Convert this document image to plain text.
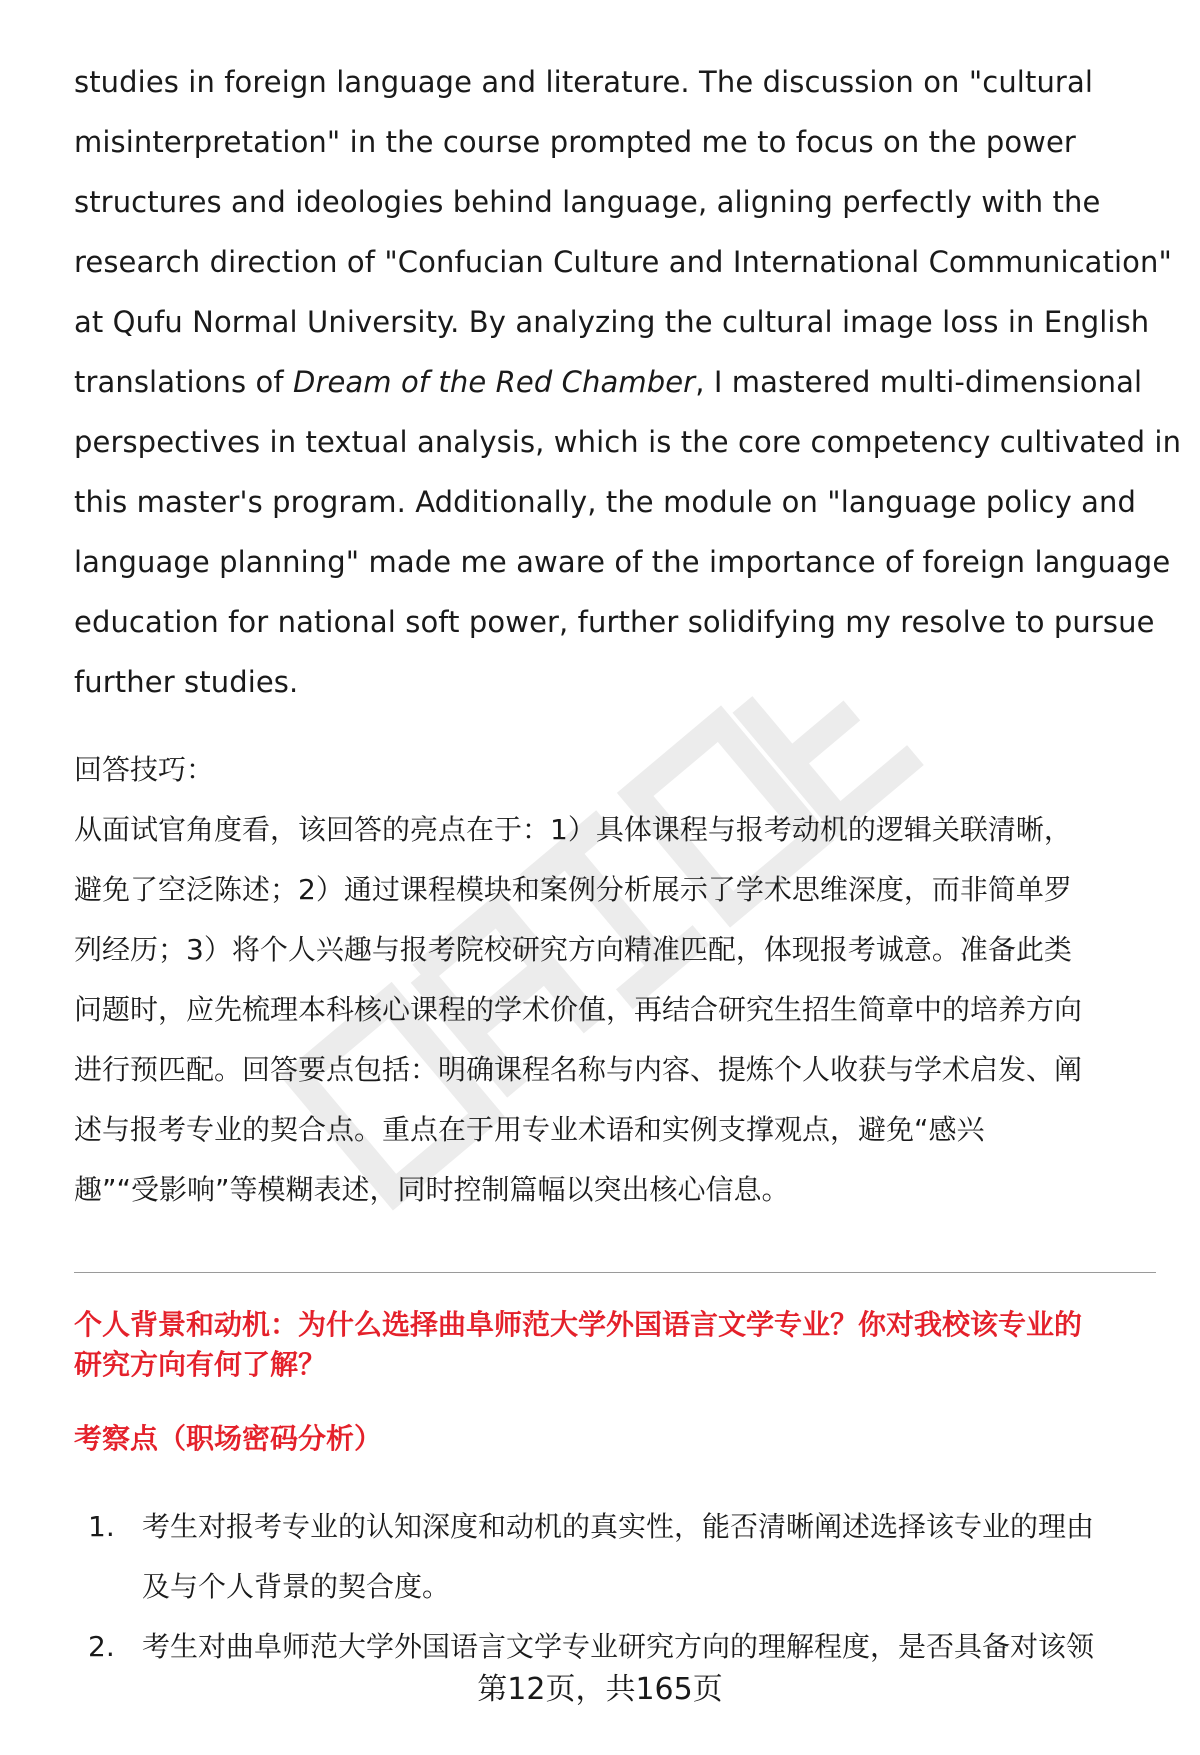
studies in foreign language and literature. The discussion on "cultural
misinterpretation" in the course prompted me to focus on the power
structures and ideologies behind language, aligning perfectly with the
research direction of "Confucian Culture and International Communication"
at Qufu Normal University. By analyzing the cultural image loss in English
translations of Dream of the Red Chamber, I mastered multi-dimensional
perspectives in textual analysis, which is the core competency cultivated in
this master's program. Additionally, the module on "language policy and
language planning" made me aware of the importance of foreign language
education for national soft power, further solidifying my resolve to pursue
further studies.

回答技巧：

从面试官角度看，该回答的亮点在于：1）具体课程与报考动机的逻辑关联清晰，
避免了空泛陈述；2）通过课程模块和案例分析展示了学术思维深度，而非简单罗
列经历；3）将个人兴趣与报考院校研究方向精准匹配，体现报考诚意。准备此类
问题时，应先梳理本科核心课程的学术价值，再结合研究生招生简章中的培养方向
进行预匹配。回答要点包括：明确课程名称与内容、提炼个人收获与学术启发、阐
述与报考专业的契合点。重点在于用专业术语和实例支撑观点，避免“感兴
趣”“受影响”等模糊表述，同时控制篇幅以突出核心信息。

个人背景和动机：为什么选择曲阜师范大学外国语言文学专业？你对我校该专业的
研究方向有何了解？
考察点（职场密码分析）
1. 考生对报考专业的认知深度和动机的真实性，能否清晰阐述选择该专业的理由
及与个人背景的契合度。
2. 考生对曲阜师范大学外国语言文学专业研究方向的理解程度，是否具备对该领
第12页，共165页
